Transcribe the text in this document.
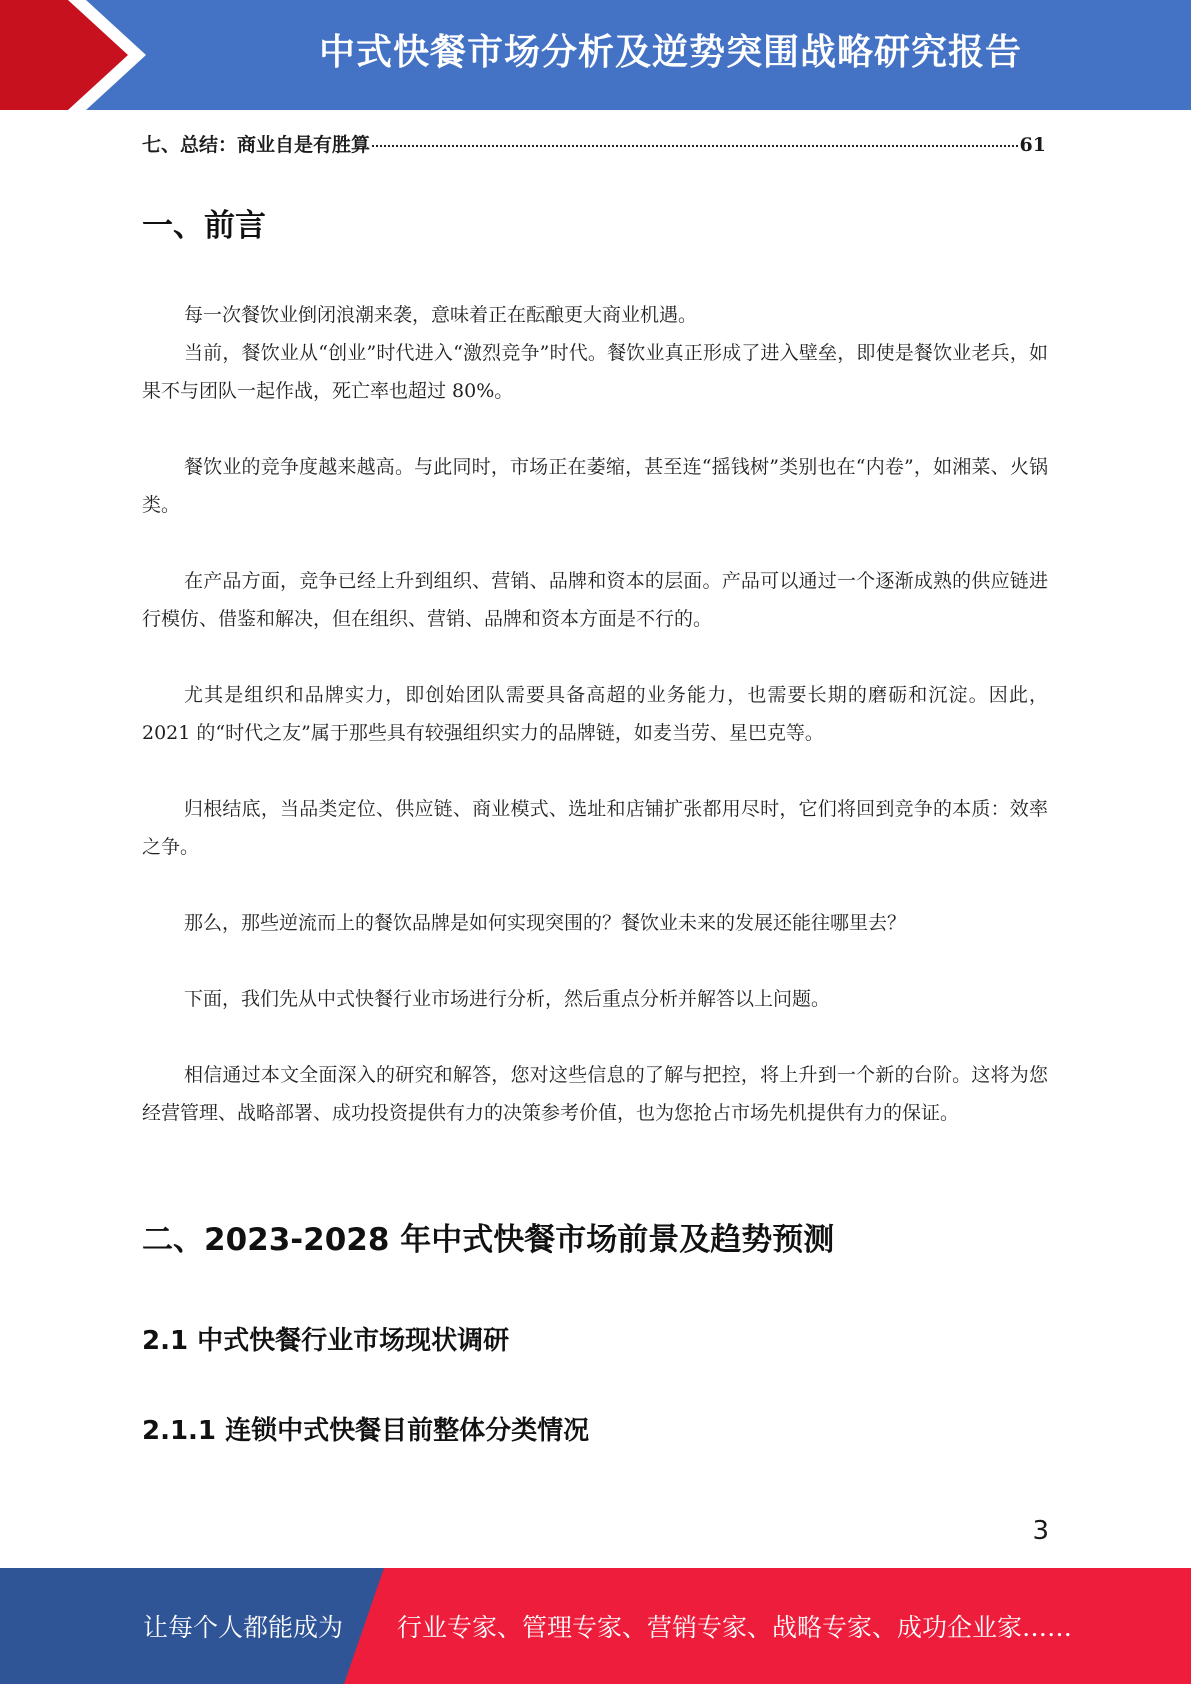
中式快餐市场分析及逆势突围战略研究报告
七、总结：商业自是有胜算	61
一、前言

每一次餐饮业倒闭浪潮来袭，意味着正在酝酿更大商业机遇。

当前，餐饮业从“创业”时代进入“激烈竞争”时代。餐饮业真正形成了进入壁垒，即使是餐饮业老兵，如果不与团队一起作战，死亡率也超过 80%。

餐饮业的竞争度越来越高。与此同时，市场正在萎缩，甚至连“摇钱树”类别也在“内卷”，如湘菜、火锅类。

在产品方面，竞争已经上升到组织、营销、品牌和资本的层面。产品可以通过一个逐渐成熟的供应链进行模仿、借鉴和解决，但在组织、营销、品牌和资本方面是不行的。

尤其是组织和品牌实力，即创始团队需要具备高超的业务能力，也需要长期的磨砺和沉淀。因此，2021 的“时代之友”属于那些具有较强组织实力的品牌链，如麦当劳、星巴克等。

归根结底，当品类定位、供应链、商业模式、选址和店铺扩张都用尽时，它们将回到竞争的本质：效率之争。

那么，那些逆流而上的餐饮品牌是如何实现突围的？餐饮业未来的发展还能往哪里去？

下面，我们先从中式快餐行业市场进行分析，然后重点分析并解答以上问题。

相信通过本文全面深入的研究和解答，您对这些信息的了解与把控，将上升到一个新的台阶。这将为您经营管理、战略部署、成功投资提供有力的决策参考价值，也为您抢占市场先机提供有力的保证。

二、2023-2028 年中式快餐市场前景及趋势预测
2.1 中式快餐行业市场现状调研
2.1.1 连锁中式快餐目前整体分类情况
3
让每个人都能成为 行业专家、管理专家、营销专家、战略专家、成功企业家……
